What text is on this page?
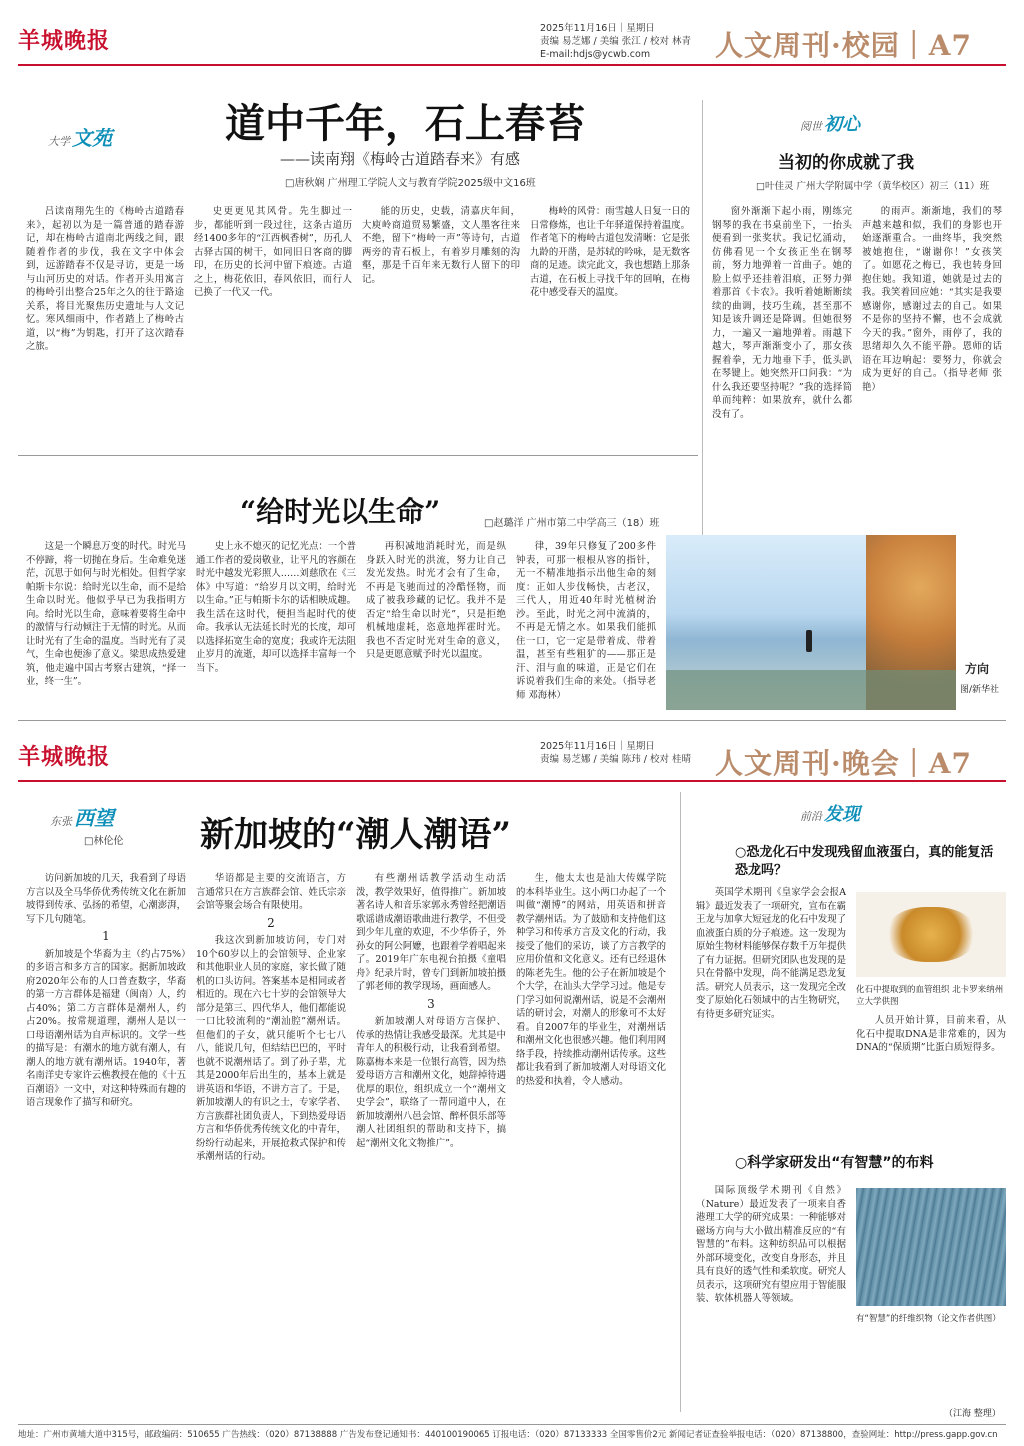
羊城晚报	2025年11月16日｜星期日
责编 易芝娜 / 美编 张江 / 校对 林青
E-mail:hdjs@ycwb.com	人文周刊·校园｜A7
大学 文苑	道中千年，石上春苔
——读南翔《梅岭古道踏春来》有感
□唐秋娴 广州理工学院人文与教育学院2025级中文16班

吕读南翔先生的《梅岭古道踏春来》，起初以为是一篇普通的踏春游记，却在梅岭古道南北两线之间，跟随着作者的步伐，我在文字中体会到，远游踏春不仅是寻访，更是一场与山河历史的对话。作者开头用寓言的梅岭引出整合25年之久的往于路途关系，将目光聚焦历史遗址与人文记忆。寒风细雨中，作者踏上了梅岭古道，以“梅”为钥匙，打开了这次踏春之旅。

史更更见其风骨。先生脚过一步，都能听到一段过往，这条古道历经1400多年的“江西枫香树”，历孔人古驿古国的树干，如同旧日客商的脚印，在历史的长河中留下痕迹。古道之上，梅花依旧，春风依旧，而行人已换了一代又一代。

能的历史，史载，清嘉庆年间，大庾岭商道贸易繁盛，文人墨客往来不绝，留下“梅岭一声”等诗句，古道两旁的青石板上，有着岁月雕刻的沟壑，那是千百年来无数行人留下的印记。

梅岭的风骨：雨雪越人日复一日的日常修炼，也让千年驿道保持着温度。作者笔下的梅岭古道包发清晰：它是张九龄的开凿，是苏轼的吟咏，是无数客商的足迹。读完此文，我也想踏上那条古道，在石板上寻找千年的回响，在梅花中感受春天的温度。

阅世 初心
当初的你成就了我
□叶佳灵 广州大学附属中学（黄华校区）初三（11）班

窗外渐渐下起小雨，刚练完钢琴的我在书桌前坐下，一抬头便看到一张奖状。我记忆涌动，仿佛看见一个女孩正坐在钢琴前，努力地弹着一首曲子。她的脸上似乎还挂着泪痕，正努力弹着那首《卡农》。我听着她断断续续的曲调，技巧生疏，甚至那不知是该升调还是降调。但她很努力，一遍又一遍地弹着。雨越下越大，琴声渐渐变小了，那女孩握着拳，无力地垂下手，低头趴在琴键上。她突然开口问我：“为什么我还要坚持呢？”我的选择简单而纯粹：如果放弃，就什么都没有了。

的雨声。渐渐地，我们的琴声越来越和似，我们的身影也开始逐渐重合。一曲终毕，我突然被她抱住，“谢谢你！”女孩笑了。如愿花之梅已，我也转身回抱住她。我知道，她就是过去的我。我笑着回应她：“其实是我要感谢你，感谢过去的自己。如果不是你的坚持不懈，也不会成就今天的我。”窗外，雨停了，我的思绪却久久不能平静。恩师的话语在耳边响起：要努力，你就会成为更好的自己。（指导老师 张艳）

“给时光以生命”	□赵璐洋 广州市第二中学高三（18）班

这是一个瞬息万变的时代。时光马不停蹄，将一切抛在身后。生命难免迷茫，沉思于如何与时光相处。但哲学家帕斯卡尔说：给时光以生命，而不是给生命以时光。他似乎早已为我指明方向。给时光以生命，意味着要将生命中的激情与行动倾注于无情的时光。从而让时光有了生命的温度。当时光有了灵气，生命也便渗了意义。梁思成热爱建筑，他走遍中国古考察古建筑，“择一业，终一生”。

史上永不熄灭的记忆光点：一个普通工作者的爱岗敬业，让平凡的容颜在时光中越发光彩照人……刘慈欣在《三体》中写道：“给岁月以文明，给时光以生命。”正与帕斯卡尔的话相映成趣。我生活在这时代，便担当起时代的使命。我承认无法延长时光的长度，却可以选择拓宽生命的宽度；我或许无法阻止岁月的流逝，却可以选择丰富每一个当下。

再积减地消耗时光，而是纵身跃入时光的洪流，努力让自己发光发热。时光才会有了生命，不再是飞驰而过的冷酷怪物，而成了被我珍藏的记忆。我并不是否定“给生命以时光”，只是拒绝机械地虚耗，恣意地挥霍时光。我也不否定时光对生命的意义，只是更愿意赋予时光以温度。

律，39年只修复了200多件钟表，可那一根根从容的指针，无一不精准地指示出他生命的刻度：正如人步伐畅快，古老汉，三代人，用近40年时光植树治沙。至此，时光之河中流淌的，不再是无情之水。如果我们能抓住一口，它一定是带着成、带着温，甚至有些粗犷的——那正是汗、泪与血的味道，正是它们在诉说着我们生命的来处。（指导老师 邓海林）

方向
图/新华社
羊城晚报	2025年11月16日｜星期日
责编 易芝娜 / 美编 陈玮 / 校对 桂晴 人文周刊·晚会｜A7
东张 西望
□林伦伦 新加坡的“潮人潮语”

访问新加坡的几天，我看到了母语方言以及全马华侨优秀传统文化在新加坡得到传承、弘扬的希望，心潮澎湃，写下几句随笔。

1

新加坡是个华裔为主（约占75%）的多语言和多方言的国家。据新加坡政府2020年公布的人口普查数字，华裔的第一方言群体是福建（闽南）人，约占40%；第二方言群体是潮州人，约占20%。按常规道理，潮州人是以一口母语潮州话为自声标识的。文学一些的描写是：有潮水的地方就有潮人，有潮人的地方就有潮州话。1940年，著名南洋史专家许云樵教授在他的《十五百潮语》一文中，对这种特殊而有趣的语言现象作了描写和研究。

华语都是主要的交流语言，方言通常只在方言族群会馆、姓氏宗亲会馆等聚会场合有限使用。

2

我这次到新加坡访问，专门对10个60岁以上的会馆领导、企业家和其他职业人员的家庭，家长做了随机的口头访问。答案基本是相同或者相近的。现在六七十岁的会馆领导大部分是第三、四代华人，他们都能说一口比较流利的“潮汕腔”潮州话。但他们的子女，就只能听个七七八八，能说几句，但结结巴巴的，平时也就不说潮州话了。到了孙子辈，尤其是2000年后出生的，基本上就是讲英语和华语，不讲方言了。于是，新加坡潮人的有识之士，专家学者、方言族群社团负责人，下到热爱母语方言和华侨优秀传统文化的中青年，纷纷行动起来，开展抢救式保护和传承潮州话的行动。

有些潮州话教学活动生动活泼，教学效果好，值得推广。新加坡著名诗人和音乐家郭永秀曾经把潮语歌谣谱成潮语歌曲进行教学，不但受到少年儿童的欢迎，不少华侨子，外孙女的阿公阿嬷，也跟着学着唱起来了。2019年广东电视台拍摄《童唱舟》纪录片时，曾专门到新加坡拍摄了郭老师的教学现场，画面感人。

3

新加坡潮人对母语方言保护、传承的热情让我感受最深。尤其是中青年人的积极行动，让我看到希望。陈嘉梅本来是一位银行高管，因为热爱母语方言和潮州文化，她辞掉待遇优厚的职位，组织成立一个“潮州文史学会”，联络了一帮同道中人，在新加坡潮州八邑会馆、醉杯俱乐部等潮人社团组织的帮助和支持下，搞起“潮州文化文物推广”。

生，他太太也是汕大传媒学院的本科毕业生。这小两口办起了一个叫做“潮博”的网站，用英语和拼音教学潮州话。为了鼓励和支持他们这种学习和传承方言及文化的行动，我接受了他们的采访，谈了方言教学的应用价值和文化意义。还有已经退休的陈老先生。他的公子在新加坡是个个大学，在汕头大学学习过。他是专门学习如何说潮州话，说是不会潮州话的研讨会，对潮人的形象可不太好看。自2007年的毕业生，对潮州话和潮州文化也很感兴趣。他们利用网络手段，持续推动潮州话传承。这些都让我看到了新加坡潮人对母语文化的热爱和执着，令人感动。

前沿 发现
○恐龙化石中发现残留血液蛋白，真的能复活恐龙吗？

英国学术期刊《皇家学会会报A辑》最近发表了一项研究，宣布在霸王龙与加拿大短冠龙的化石中发现了血液蛋白质的分子痕迹。这一发现为原始生物材料能够保存数千万年提供了有力证据。但研究团队也发现的是只在骨骼中发现，尚不能满足恐龙复活。研究人员表示，这一发现完全改变了原始化石领域中的古生物研究，有待更多研究证实。

化石中提取到的血管组织 北卡罗来纳州立大学供图

人员开始计算，目前来看，从化石中提取DNA是非常难的，因为DNA的“保质期”比蛋白质短得多。

○科学家研发出“有智慧”的布料

国际顶级学术期刊《自然》（Nature）最近发表了一项来自香港理工大学的研究成果：一种能够对磁场方向与大小做出精准反应的“有智慧的”布料。这种纺织品可以根据外部环境变化，改变自身形态，并且具有良好的透气性和柔软度。研究人员表示，这项研究有望应用于智能服装、软体机器人等领域。

有“智慧”的纤维织物（论文作者供图）
（江海 整理）
地址：广州市黄埔大道中315号，邮政编码：510655 广告热线：（020）87138888 广告发布登记通知书：440100190065 订报电话：（020）87133333 全国零售价2元 新闻记者证查验举报电话：（020）87138800，查验网址：http://press.gapp.gov.cn
